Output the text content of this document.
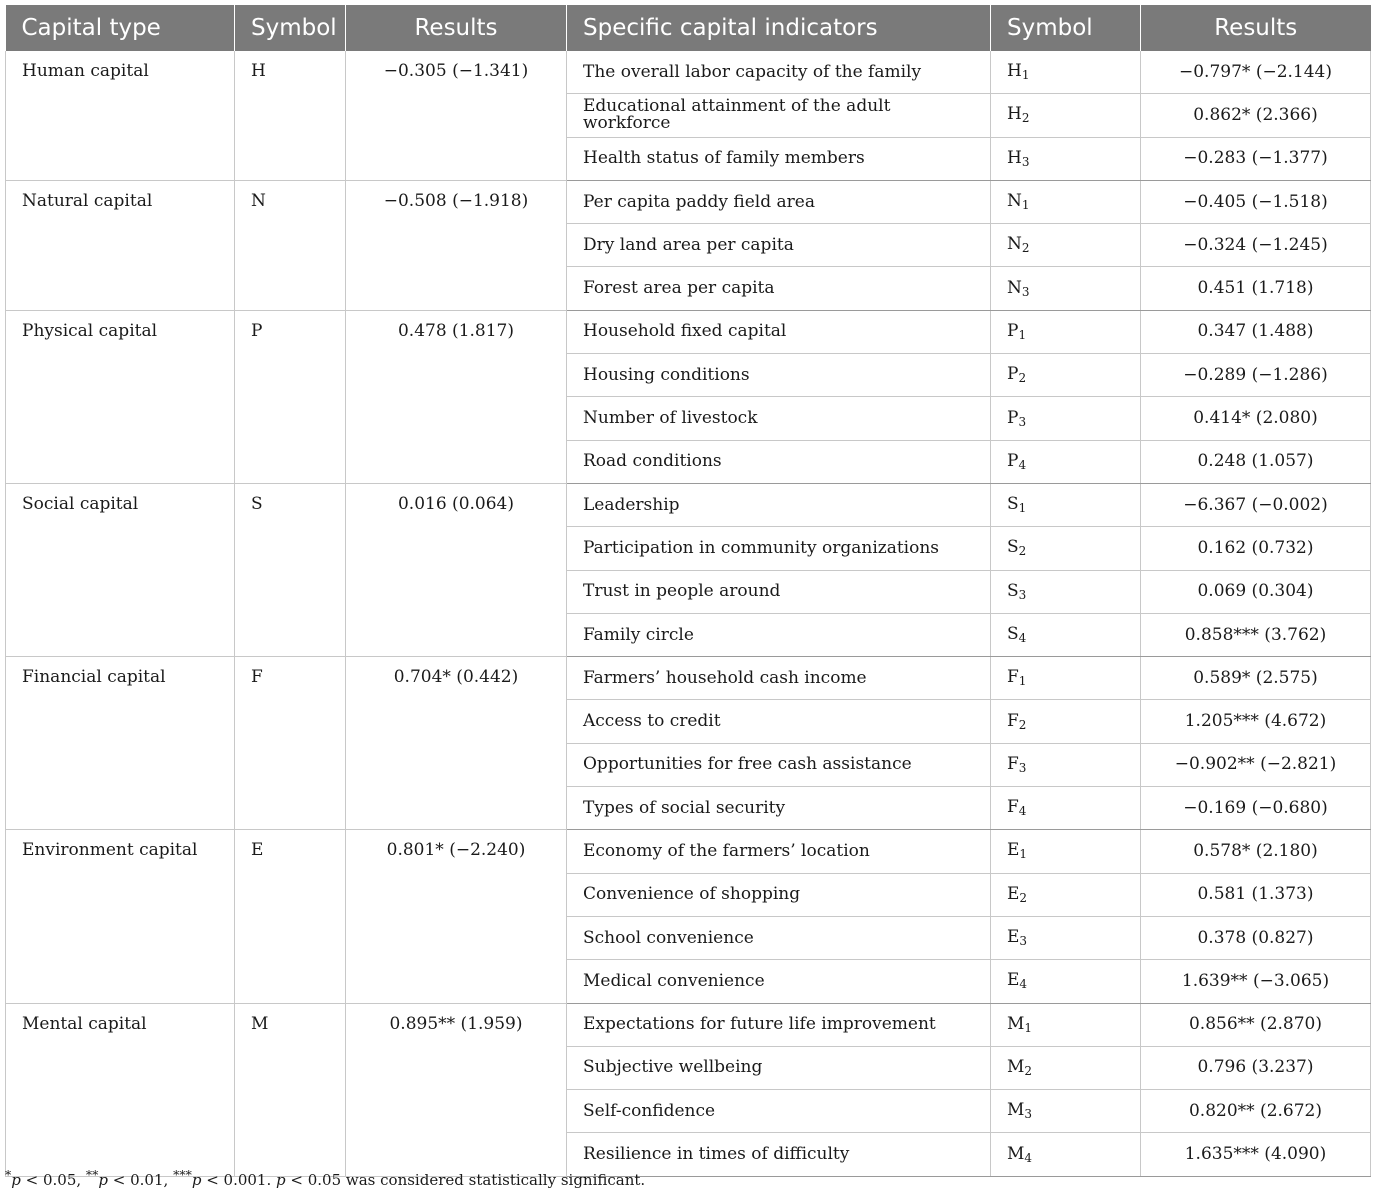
Capital type	Symbol	Results	Specific capital indicators	Symbol	Results
Human capital	H	−0.305 (−1.341)	The overall labor capacity of the family	$H_1$	−0.797* (−2.144)
			Educational attainment of the adult workforce	$H_2$	0.862* (2.366)
			Health status of family members	$H_3$	−0.283 (−1.377)
Natural capital	N	−0.508 (−1.918)	Per capita paddy field area	$N_1$	−0.405 (−1.518)
			Dry land area per capita	$N_2$	−0.324 (−1.245)
			Forest area per capita	$N_3$	0.451 (1.718)
Physical capital	P	0.478 (1.817)	Household fixed capital	$P_1$	0.347 (1.488)
			Housing conditions	$P_2$	−0.289 (−1.286)
			Number of livestock	$P_3$	0.414* (2.080)
			Road conditions	$P_4$	0.248 (1.057)
Social capital	S	0.016 (0.064)	Leadership	$S_1$	−6.367 (−0.002)
			Participation in community organizations	$S_2$	0.162 (0.732)
			Trust in people around	$S_3$	0.069 (0.304)
			Family circle	$S_4$	0.858*** (3.762)
Financial capital	F	0.704* (0.442)	Farmers’ household cash income	$F_1$	0.589* (2.575)
			Access to credit	$F_2$	1.205*** (4.672)
			Opportunities for free cash assistance	$F_3$	−0.902** (−2.821)
			Types of social security	$F_4$	−0.169 (−0.680)
Environment capital	E	0.801* (−2.240)	Economy of the farmers’ location	$E_1$	0.578* (2.180)
			Convenience of shopping	$E_2$	0.581 (1.373)
			School convenience	$E_3$	0.378 (0.827)
			Medical convenience	$E_4$	1.639** (−3.065)
Mental capital	M	0.895** (1.959)	Expectations for future life improvement	$M_1$	0.856** (2.870)
			Subjective wellbeing	$M_2$	0.796 (3.237)
			Self-confidence	$M_3$	0.820** (2.672)
			Resilience in times of difficulty	$M_4$	1.635*** (4.090)
*p < 0.05, **p < 0.01, ***p < 0.001. p < 0.05 was considered statistically significant.
